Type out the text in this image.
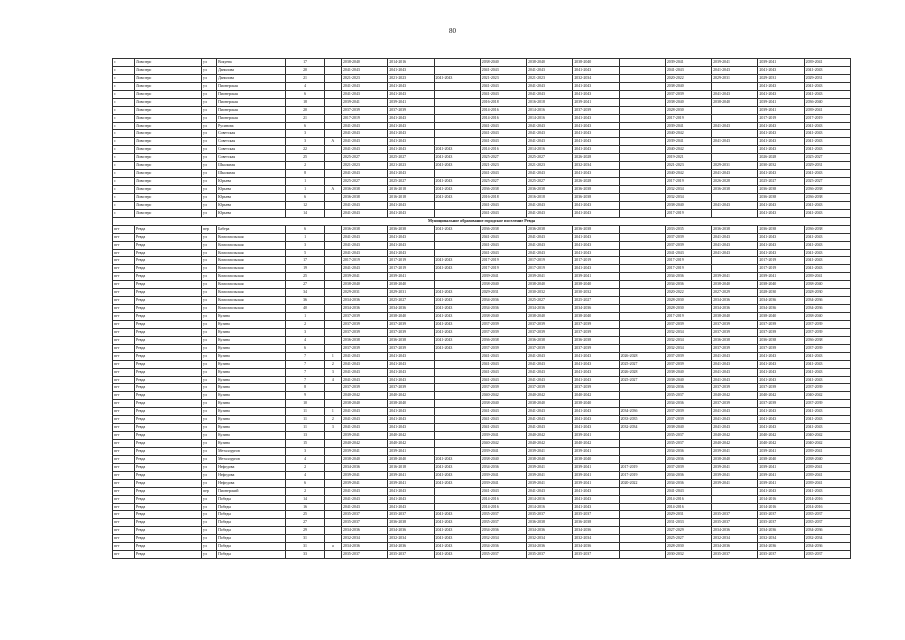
80
с	Ловозеро	ул	Вокуева	17		2038-2040	2014-2016		2038-2040	2038-2040	2038-2040		2039-2041	2039-2041	2039-2041	2039-2041
с	Ловозеро	ул	Данилова	20		2041-2043	2041-2043		2041-2043	2041-2043	2041-2043		2041-2043	2041-2043	2041-2043	2041-2043
с	Ловозеро	ул	Данилова	21		2021-2023	2021-2023	2041-2043	2021-2023	2021-2023	2032-2034		2020-2022	2029-2031	2029-2031	2029-2031
с	Ловозеро	ул	Пионерская	4		2041-2043	2041-2043		2041-2043	2041-2043	2041-2043		2038-2040		2041-2043	2041-2043
с	Ловозеро	ул	Пионерская	6		2041-2043	2041-2043		2041-2043	2041-2043	2041-2043		2037-2039	2041-2043	2041-2043	2041-2043
с	Ловозеро	ул	Пионерская	18		2039-2041	2039-2041		2016-2018	2016-2018	2039-2041		2038-2040	2038-2040	2039-2041	2036-2040
с	Ловозеро	ул	Пионерская	20		2037-2039	2037-2039		2014-2016	2014-2016	2037-2039		2028-2030		2039-2041	2039-2041
с	Ловозеро	ул	Пионерская	21		2017-2019	2041-2043		2014-2016	2014-2016	2041-2043		2017-2019		2017-2019	2017-2019
с	Ловозеро	ул	Русинова	6		2041-2043	2041-2043		2041-2043	2041-2043	2041-2043		2039-2041	2041-2043	2041-2043	2041-2043
с	Ловозеро	ул	Советская	3		2041-2043	2041-2043		2041-2043	2041-2043	2041-2043		2040-2042		2041-2043	2041-2043
с	Ловозеро	ул	Советская	3	А	2041-2043	2041-2043		2041-2043	2041-2043	2041-2043		2039-2041	2041-2043	2041-2043	2041-2043
с	Ловозеро	ул	Советская	22		2041-2043	2041-2043	2041-2043	2014-2016	2014-2016	2041-2043		2040-2042		2041-2043	2041-2043
с	Ловозеро	ул	Советская	25		2025-2027	2025-2027	2041-2043	2025-2027	2025-2027	2026-2028		2019-2021		2026-2028	2025-2027
с	Ловозеро	ул	Школьная	2		2021-2023	2021-2023	2041-2043	2021-2023	2021-2023	2032-2034		2021-2023	2029-2031	2030-2032	2029-2031
с	Ловозеро	ул	Школьная	8		2041-2043	2041-2043		2041-2043	2041-2043	2041-2043		2040-2042	2041-2043	2041-2043	2041-2043
с	Ловозеро	ул	Юрьева	1		2025-2027	2025-2027	2041-2043	2025-2027	2025-2027	2026-2028		2017-2019	2026-2028	2025-2027	2025-2027
с	Ловозеро	ул	Юрьева	1	А	2036-2038	2016-2018	2041-2043	2036-2038	2036-2038	2036-2038		2032-2034	2036-2038	2036-2038	2036-2038
с	Ловозеро	ул	Юрьева	6		2036-2038	2016-2018	2041-2043	2016-2018	2016-2018	2036-2038		2032-2034		2036-2038	2036-2038
с	Ловозеро	ул	Юрьева	12		2041-2043	2041-2043		2041-2043	2041-2043	2041-2043		2038-2040	2041-2043	2041-2043	2041-2043
с	Ловозеро	ул	Юрьева	14		2041-2043	2041-2043		2041-2043	2041-2043	2041-2043		2017-2019		2041-2043	2041-2043
Муниципальное образование городское поселение Ревда																
пгт	Ревда	пер	Бабера	6		2036-2038	2036-2038	2041-2043	2036-2038	2036-2038	2036-2038		2033-2035	2036-2038	2036-2038	2036-2038
пгт	Ревда	ул	Комсомольская	1		2041-2043	2041-2043		2041-2043	2041-2043	2041-2043		2037-2039	2041-2043	2041-2043	2041-2043
пгт	Ревда	ул	Комсомольская	3		2041-2043	2041-2043		2041-2043	2041-2043	2041-2043		2037-2039	2041-2043	2041-2043	2041-2043
пгт	Ревда	ул	Комсомольская	5		2041-2043	2041-2043		2041-2043	2041-2043	2041-2043		2041-2043	2041-2043	2041-2043	2041-2043
пгт	Ревда	ул	Комсомольская	17		2017-2019	2017-2019	2041-2043	2017-2019	2017-2019	2017-2019		2017-2019		2017-2019	2041-2043
пгт	Ревда	ул	Комсомольская	19		2041-2043	2017-2019	2041-2043	2017-2019	2017-2019	2041-2043		2017-2019		2017-2019	2041-2043
пгт	Ревда	ул	Комсомольская	25		2039-2041	2039-2041		2039-2041	2039-2041	2039-2041		2034-2036	2039-2041	2039-2041	2039-2041
пгт	Ревда	ул	Комсомольская	27		2038-2040	2038-2040		2038-2040	2038-2040	2038-2040		2034-2036	2038-2040	2038-2040	2038-2040
пгт	Ревда	ул	Комсомольская	34		2029-2031	2029-2031	2041-2043	2029-2031	2030-2032	2030-2032		2020-2022	2027-2029	2028-2030	2028-2030
пгт	Ревда	ул	Комсомольская	36		2034-2036	2025-2027	2041-2043	2034-2036	2025-2027	2025-2027		2028-2030	2034-2036	2034-2036	2034-2036
пгт	Ревда	ул	Комсомольская	40		2034-2036	2034-2036	2041-2043	2034-2036	2034-2036	2034-2036		2028-2030	2034-2036	2034-2036	2034-2036
пгт	Ревда	ул	Кузина	1		2037-2039	2038-2040	2041-2043	2038-2040	2038-2040	2038-2040		2017-2019	2038-2040	2038-2040	2038-2040
пгт	Ревда	ул	Кузина	2		2037-2039	2037-2039	2041-2043	2037-2039	2037-2039	2037-2039		2037-2039	2037-2039	2037-2039	2037-2039
пгт	Ревда	ул	Кузина	3		2037-2039	2037-2039	2041-2043	2037-2039	2037-2039	2037-2039		2032-2034	2037-2039	2037-2039	2037-2039
пгт	Ревда	ул	Кузина	4		2036-2038	2036-2038	2041-2043	2036-2038	2036-2038	2036-2038		2032-2034	2036-2038	2036-2038	2036-2038
пгт	Ревда	ул	Кузина	6		2037-2039	2037-2039	2041-2043	2037-2039	2037-2039	2037-2039		2032-2034	2037-2039	2037-2039	2037-2039
пгт	Ревда	ул	Кузина	7	1	2041-2043	2041-2043		2041-2043	2041-2043	2041-2043	2026-2028	2037-2039	2041-2043	2041-2043	2041-2043
пгт	Ревда	ул	Кузина	7	2	2041-2043	2041-2043		2041-2043	2041-2043	2041-2043	2025-2027	2037-2039	2041-2043	2041-2043	2041-2043
пгт	Ревда	ул	Кузина	7	3	2041-2043	2041-2043		2041-2043	2041-2043	2041-2043	2026-2028	2038-2040	2041-2043	2041-2043	2041-2043
пгт	Ревда	ул	Кузина	7	4	2041-2043	2041-2043		2041-2043	2041-2043	2041-2043	2025-2027	2038-2040	2041-2043	2041-2043	2041-2043
пгт	Ревда	ул	Кузина	8		2037-2039	2037-2039		2037-2039	2037-2039	2037-2039		2034-2036	2037-2039	2037-2039	2037-2039
пгт	Ревда	ул	Кузина	9		2040-2042	2040-2042		2040-2042	2040-2042	2040-2042		2035-2037	2040-2042	2040-2042	2040-2042
пгт	Ревда	ул	Кузина	10		2038-2040	2038-2040		2038-2040	2038-2040	2038-2040		2034-2036	2037-2039	2037-2039	2037-2039
пгт	Ревда	ул	Кузина	11	1	2041-2043	2041-2043		2041-2043	2041-2043	2041-2043	2034-2036	2037-2039	2041-2043	2041-2043	2041-2043
пгт	Ревда	ул	Кузина	11	2	2041-2043	2041-2043		2041-2043	2041-2043	2041-2043	2033-2035	2037-2039	2041-2043	2041-2043	2041-2043
пгт	Ревда	ул	Кузина	11	3	2041-2043	2041-2043		2041-2043	2041-2043	2041-2043	2032-2034	2038-2040	2041-2043	2041-2043	2041-2043
пгт	Ревда	ул	Кузина	13		2039-2041	2040-2042		2039-2041	2040-2042	2039-2041		2035-2037	2040-2042	2040-2042	2040-2042
пгт	Ревда	ул	Кузина	15		2040-2042	2040-2042		2040-2042	2040-2042	2040-2042		2035-2037	2040-2042	2040-2042	2040-2042
пгт	Ревда	ул	Металлургов	3		2039-2041	2039-2041		2039-2041	2039-2041	2039-2041		2034-2036	2039-2041	2039-2041	2039-2041
пгт	Ревда	ул	Металлургов	4		2038-2040	2038-2040	2041-2043	2038-2040	2038-2040	2038-2040		2034-2036	2038-2040	2038-2040	2038-2040
пгт	Ревда	ул	Нефедова	2		2034-2036	2016-2018	2041-2043	2034-2036	2039-2041	2039-2041	2017-2019	2037-2039	2039-2041	2039-2041	2039-2041
пгт	Ревда	ул	Нефедова	4		2039-2041	2039-2041	2041-2043	2039-2041	2039-2041	2039-2041	2017-2019	2034-2036	2039-2041	2039-2041	2039-2041
пгт	Ревда	ул	Нефедова	6		2039-2041	2039-2041	2041-2043	2039-2041	2039-2041	2039-2041	2020-2022	2034-2036	2039-2041	2039-2041	2039-2041
пгт	Ревда	пер	Пионерский	2		2041-2043	2041-2043		2041-2043	2041-2043	2041-2043		2041-2043		2041-2043	2041-2043
пгт	Ревда	ул	Победы	14		2041-2043	2041-2043		2014-2016	2014-2016	2041-2043		2014-2016		2014-2016	2014-2016
пгт	Ревда	ул	Победы	16		2041-2043	2041-2043		2014-2016	2014-2016	2041-2043		2014-2016		2014-2016	2014-2016
пгт	Ревда	ул	Победы	25		2035-2037	2035-2037	2041-2043	2035-2037	2035-2037	2035-2037		2029-2031	2035-2037	2035-2037	2035-2037
пгт	Ревда	ул	Победы	27		2035-2037	2036-2038	2041-2043	2035-2037	2036-2038	2036-2038		2031-2033	2035-2037	2035-2037	2035-2037
пгт	Ревда	ул	Победы	29		2034-2036	2034-2036	2041-2043	2034-2036	2034-2036	2034-2036		2027-2029	2034-2036	2034-2036	2034-2036
пгт	Ревда	ул	Победы	31		2032-2034	2032-2034	2041-2043	2032-2034	2032-2034	2032-2034		2025-2027	2032-2034	2032-2034	2032-2034
пгт	Ревда	ул	Победы	31	а	2034-2036	2034-2036	2041-2043	2034-2036	2034-2036	2034-2036		2028-2030	2034-2036	2034-2036	2034-2036
пгт	Ревда	ул	Победы	33		2035-2037	2035-2037	2041-2043	2035-2037	2035-2037	2035-2037		2030-2032	2035-2037	2035-2037	2035-2037
